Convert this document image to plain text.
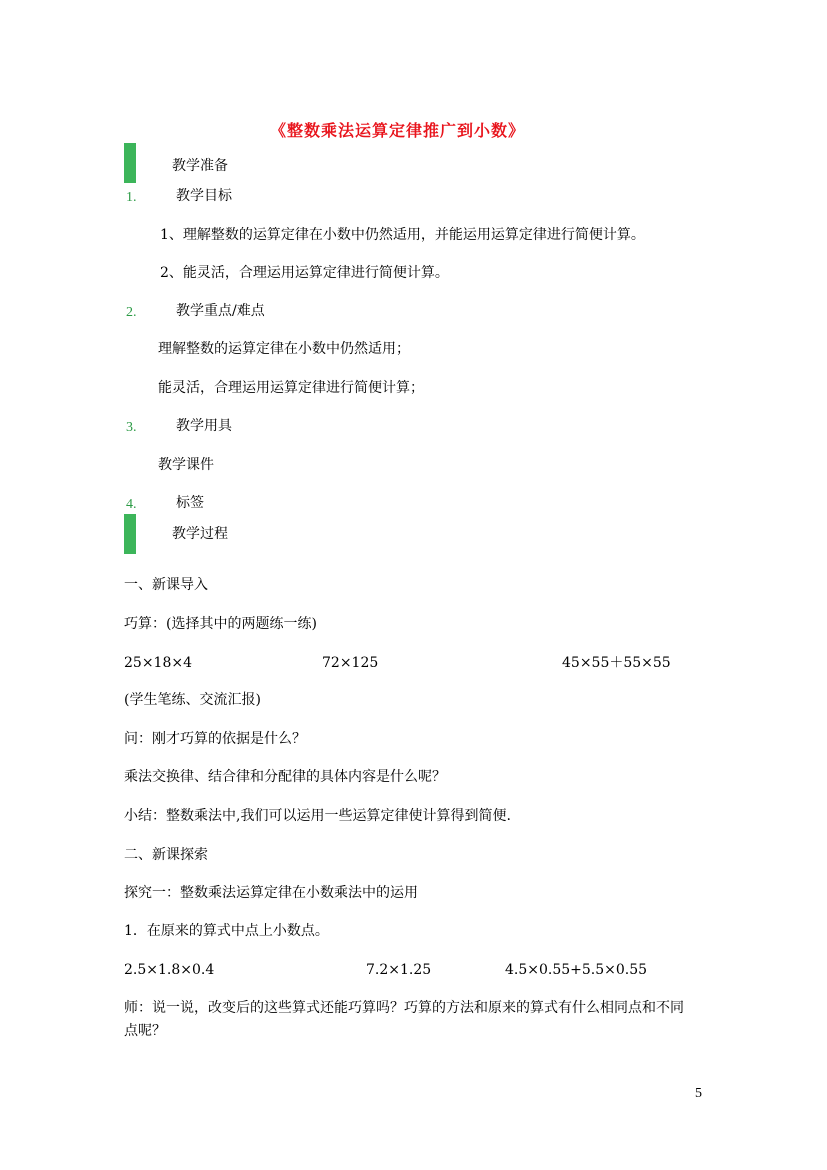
《整数乘法运算定律推广到小数》
教学准备
1.	教学目标
1、理解整数的运算定律在小数中仍然适用，并能运用运算定律进行简便计算。
2、能灵活，合理运用运算定律进行简便计算。
2.	教学重点/难点
理解整数的运算定律在小数中仍然适用；
能灵活，合理运用运算定律进行简便计算；
3.	教学用具
教学课件
4.	标签
教学过程
一、新课导入
巧算：(选择其中的两题练一练)
25×18×4	72×125	45×55＋55×55
(学生笔练、交流汇报)
问：刚才巧算的依据是什么？
乘法交换律、结合律和分配律的具体内容是什么呢？
小结：整数乘法中,我们可以运用一些运算定律使计算得到简便.
二、新课探索
探究一：整数乘法运算定律在小数乘法中的运用
1．在原来的算式中点上小数点。
2.5×1.8×0.4	7.2×1.25	4.5×0.55+5.5×0.55
师：说一说，改变后的这些算式还能巧算吗？巧算的方法和原来的算式有什么相同点和不同
点呢？
5
